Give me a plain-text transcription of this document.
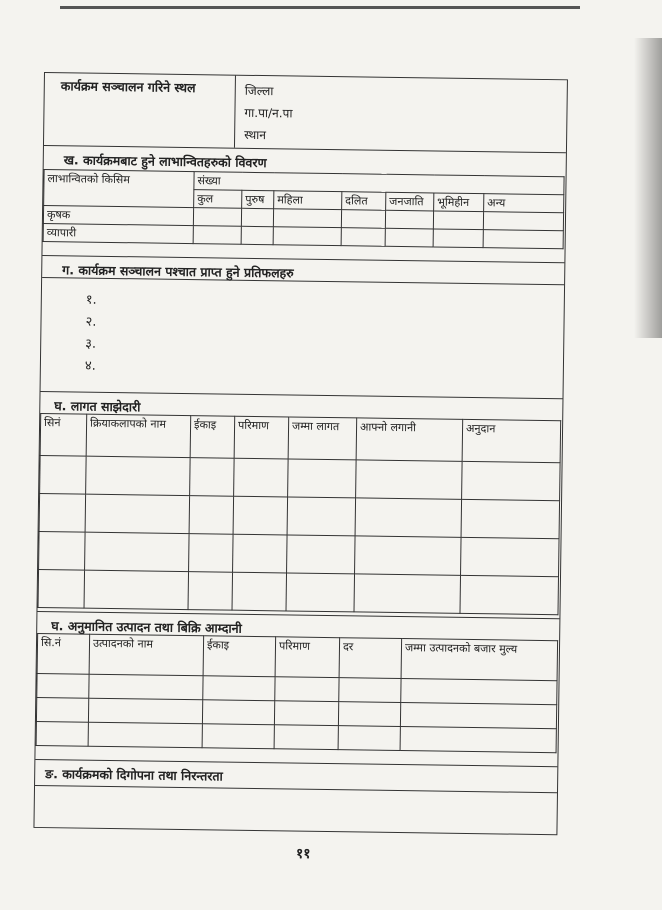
कार्यक्रम सञ्चालन गरिने स्थल	जिल्ला
गा.पा/न.पा
स्थान
ख. कार्यक्रमबाट हुने लाभान्वितहरुको विवरण
लाभान्वितको किसिम	संख्या						
	कुल	पुरुष	महिला	दलित	जनजाति	भूमिहीन	अन्य
कृषक							
व्यापारी							
ग. कार्यक्रम सञ्चालन पश्चात प्राप्त हुने प्रतिफलहरु
१.
२.
३.
४.
घ. लागत साझेदारी
सिनं	क्रियाकलापको नाम	ईकाइ	परिमाण	जम्मा लागत	आफ्नो लगानी	अनुदान

घ. अनुमानित उत्पादन तथा बिक्रि आम्दानी
सि.नं	उत्पादनको नाम	ईकाइ	परिमाण	दर	जम्मा उत्पादनको बजार मुल्य

ङ. कार्यक्रमको दिगोपना तथा निरन्तरता
११
